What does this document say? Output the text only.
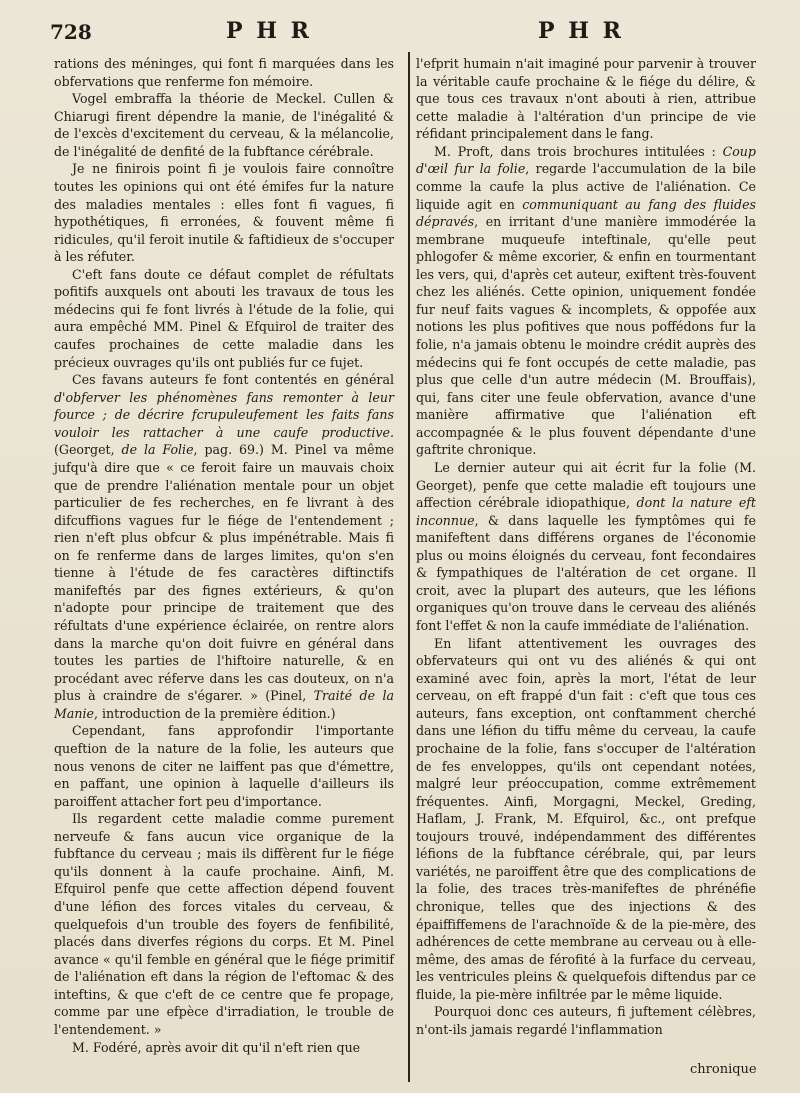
728	P H R	P H R

rations des méninges, qui font fi marquées dans les obfervations que renferme fon mémoire.

Vogel embraffa la théorie de Meckel. Cullen & Chiarugi firent dépendre la manie, de l'inégalité & de l'excès d'excitement du cerveau, & la mélancolie, de l'inégalité de denfité de la fubftance cérébrale.

Je ne finirois point fi je voulois faire connoître toutes les opinions qui ont été émifes fur la nature des maladies mentales : elles font fi vagues, fi hypothétiques, fi erronées, & fouvent même fi ridicules, qu'il feroit inutile & faftidieux de s'occuper à les réfuter.

C'eft fans doute ce défaut complet de réfultats pofitifs auxquels ont abouti les travaux de tous les médecins qui fe font livrés à l'étude de la folie, qui aura empêché MM. Pinel & Efquirol de traiter des caufes prochaines de cette maladie dans les précieux ouvrages qu'ils ont publiés fur ce fujet.

Ces favans auteurs fe font contentés en général d'obferver les phénomènes fans remonter à leur fource ; de décrire fcrupuleufement les faits fans vouloir les rattacher à une caufe productive. (Georget, de la Folie, pag. 69.) M. Pinel va même jufqu'à dire que « ce feroit faire un mauvais choix que de prendre l'aliénation mentale pour un objet particulier de fes recherches, en fe livrant à des difcuffions vagues fur le fiége de l'entendement ; rien n'eft plus obfcur & plus impénétrable. Mais fi on fe renferme dans de larges limites, qu'on s'en tienne à l'étude de fes caractères diftinctifs manifeftés par des fignes extérieurs, & qu'on n'adopte pour principe de traitement que des réfultats d'une expérience éclairée, on rentre alors dans la marche qu'on doit fuivre en général dans toutes les parties de l'hiftoire naturelle, & en procédant avec réferve dans les cas douteux, on n'a plus à craindre de s'égarer. » (Pinel, Traité de la Manie, introduction de la première édition.)

Cependant, fans approfondir l'importante queftion de la nature de la folie, les auteurs que nous venons de citer ne laiffent pas que d'émettre, en paffant, une opinion à laquelle d'ailleurs ils paroiffent attacher fort peu d'importance.

Ils regardent cette maladie comme purement nerveufe & fans aucun vice organique de la fubftance du cerveau ; mais ils diffèrent fur le fiége qu'ils donnent à la caufe prochaine. Ainfi, M. Efquirol penfe que cette affection dépend fouvent d'une léfion des forces vitales du cerveau, & quelquefois d'un trouble des foyers de fenfibilité, placés dans diverfes régions du corps. Et M. Pinel avance « qu'il femble en général que le fiége primitif de l'aliénation eft dans la région de l'eftomac & des inteftins, & que c'eft de ce centre que fe propage, comme par une efpèce d'irradiation, le trouble de l'entendement. »

M. Fodéré, après avoir dit qu'il n'eft rien que

l'efprit humain n'ait imaginé pour parvenir à trouver la véritable caufe prochaine & le fiége du délire, & que tous ces travaux n'ont abouti à rien, attribue cette maladie à l'altération d'un principe de vie réfidant principalement dans le fang.

M. Proft, dans trois brochures intitulées : Coup d'œil fur la folie, regarde l'accumulation de la bile comme la caufe la plus active de l'aliénation. Ce liquide agit en communiquant au fang des fluides dépravés, en irritant d'une manière immodérée la membrane muqueufe inteftinale, qu'elle peut phlogofer & même excorier, & enfin en tourmentant les vers, qui, d'après cet auteur, exiftent très-fouvent chez les aliénés. Cette opinion, uniquement fondée fur neuf faits vagues & incomplets, & oppofée aux notions les plus pofitives que nous poffédons fur la folie, n'a jamais obtenu le moindre crédit auprès des médecins qui fe font occupés de cette maladie, pas plus que celle d'un autre médecin (M. Brouffais), qui, fans citer une feule obfervation, avance d'une manière affirmative que l'aliénation eft accompagnée & le plus fouvent dépendante d'une gaftrite chronique.

Le dernier auteur qui ait écrit fur la folie (M. Georget), penfe que cette maladie eft toujours une affection cérébrale idiopathique, dont la nature eft inconnue, & dans laquelle les fymptômes qui fe manifeftent dans différens organes de l'économie plus ou moins éloignés du cerveau, font fecondaires & fympathiques de l'altération de cet organe. Il croit, avec la plupart des auteurs, que les léfions organiques qu'on trouve dans le cerveau des aliénés font l'effet & non la caufe immédiate de l'aliénation.

En lifant attentivement les ouvrages des obfervateurs qui ont vu des aliénés & qui ont examiné avec foin, après la mort, l'état de leur cerveau, on eft frappé d'un fait : c'eft que tous ces auteurs, fans exception, ont conftamment cherché dans une léfion du tiffu même du cerveau, la caufe prochaine de la folie, fans s'occuper de l'altération de fes enveloppes, qu'ils ont cependant notées, malgré leur préoccupation, comme extrêmement fréquentes. Ainfi, Morgagni, Meckel, Greding, Haflam, J. Frank, M. Efquirol, &c., ont prefque toujours trouvé, indépendamment des différentes léfions de la fubftance cérébrale, qui, par leurs variétés, ne paroiffent être que des complications de la folie, des traces très-manifeftes de phrénéfie chronique, telles que des injections & des épaiffiffemens de l'arachnoïde & de la pie-mère, des adhérences de cette membrane au cerveau ou à elle-même, des amas de férofité à la furface du cerveau, les ventricules pleins & quelquefois diftendus par ce fluide, la pie-mère infiltrée par le même liquide.

Pourquoi donc ces auteurs, fi juftement célèbres, n'ont-ils jamais regardé l'inflammation

chronique
